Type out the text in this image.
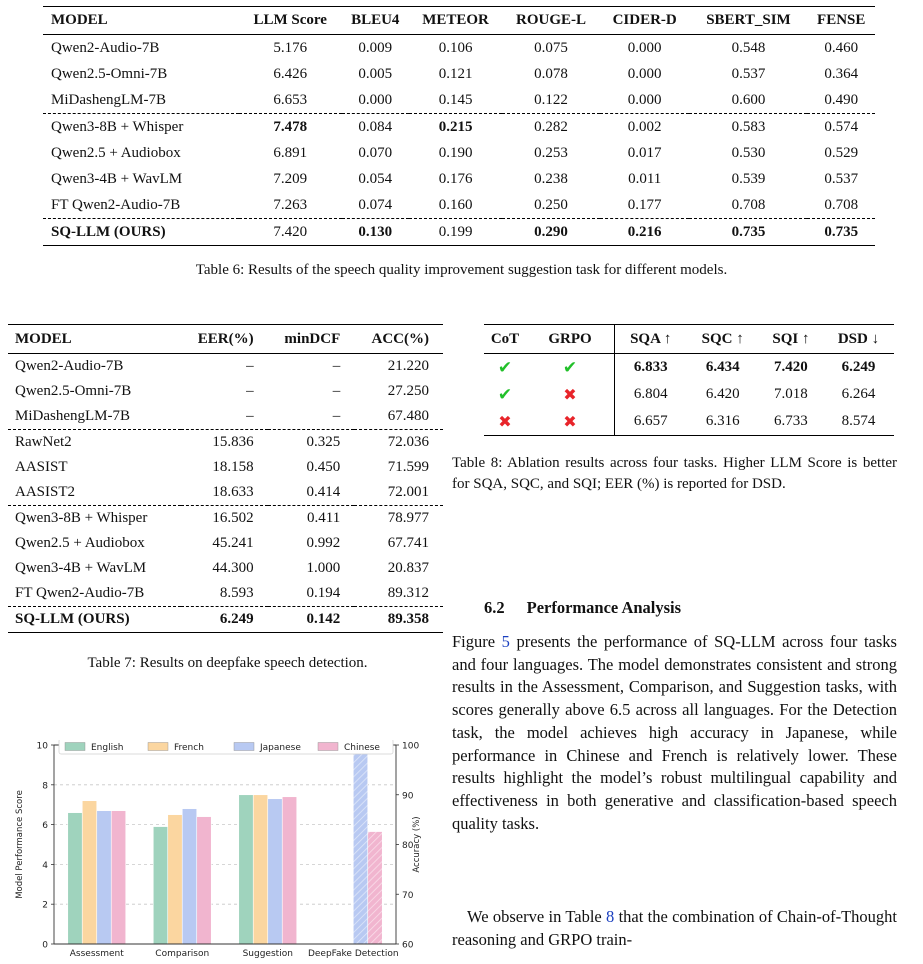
MODEL	LLM Score	BLEU4	METEOR	ROUGE-L	CIDER-D	SBERT_SIM	FENSE
Qwen2-Audio-7B	5.176	0.009	0.106	0.075	0.000	0.548	0.460
Qwen2.5-Omni-7B	6.426	0.005	0.121	0.078	0.000	0.537	0.364
MiDashengLM-7B	6.653	0.000	0.145	0.122	0.000	0.600	0.490
Qwen3-8B + Whisper	7.478	0.084	0.215	0.282	0.002	0.583	0.574
Qwen2.5 + Audiobox	6.891	0.070	0.190	0.253	0.017	0.530	0.529
Qwen3-4B + WavLM	7.209	0.054	0.176	0.238	0.011	0.539	0.537
FT Qwen2-Audio-7B	7.263	0.074	0.160	0.250	0.177	0.708	0.708
SQ-LLM (OURS)	7.420	0.130	0.199	0.290	0.216	0.735	0.735
Table 6: Results of the speech quality improvement suggestion task for different models.
MODEL	EER(%)	minDCF	ACC(%)
Qwen2-Audio-7B	–	–	21.220
Qwen2.5-Omni-7B	–	–	27.250
MiDashengLM-7B	–	–	67.480
RawNet2	15.836	0.325	72.036
AASIST	18.158	0.450	71.599
AASIST2	18.633	0.414	72.001
Qwen3-8B + Whisper	16.502	0.411	78.977
Qwen2.5 + Audiobox	45.241	0.992	67.741
Qwen3-4B + WavLM	44.300	1.000	20.837
FT Qwen2-Audio-7B	8.593	0.194	89.312
SQ-LLM (OURS)	6.249	0.142	89.358
Table 7: Results on deepfake speech detection.
CoT	GRPO	SQA ↑	SQC ↑	SQI ↑	DSD ↓
✔	✔	6.833	6.434	7.420	6.249
✔	✖	6.804	6.420	7.018	6.264
✖	✖	6.657	6.316	6.733	8.574
Table 8: Ablation results across four tasks. Higher LLM Score is better for SQA, SQC, and SQI; EER (%) is reported for DSD.
6.2 Performance Analysis
Figure 5 presents the performance of SQ-LLM across four tasks and four languages. The model demonstrates consistent and strong results in the Assessment, Comparison, and Suggestion tasks, with scores generally above 6.5 across all languages. For the Detection task, the model achieves high accuracy in Japanese, while performance in Chinese and French is relatively lower. These results highlight the model’s robust multilingual capability and effectiveness in both generative and classification-based speech quality tasks.
We observe in Table 8 that the combination of Chain-of-Thought reasoning and GRPO train-
0
2
4
6
8
10
60
70
80
90
100
Assessment	Comparison	Suggestion DeepFake Detection
Model Performance Score	Accuracy (%)
English	French	Japanese	Chinese
